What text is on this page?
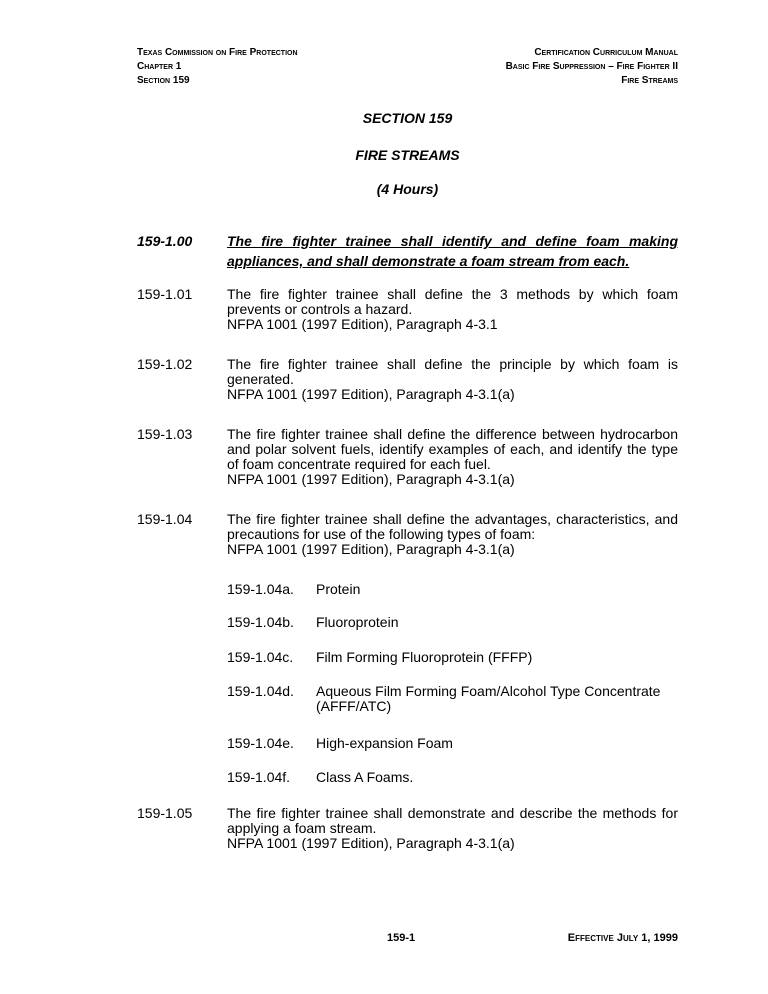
Texas Commission on Fire Protection
Chapter 1
Section 159
Certification Curriculum Manual
Basic Fire Suppression – Fire Fighter II
Fire Streams
SECTION 159
FIRE STREAMS
(4 Hours)
159-1.00 The fire fighter trainee shall identify and define foam making appliances, and shall demonstrate a foam stream from each.
159-1.01 The fire fighter trainee shall define the 3 methods by which foam prevents or controls a hazard.
NFPA 1001 (1997 Edition), Paragraph 4-3.1
159-1.02 The fire fighter trainee shall define the principle by which foam is generated.
NFPA 1001 (1997 Edition), Paragraph 4-3.1(a)
159-1.03 The fire fighter trainee shall define the difference between hydrocarbon and polar solvent fuels, identify examples of each, and identify the type of foam concentrate required for each fuel.
NFPA 1001 (1997 Edition), Paragraph 4-3.1(a)
159-1.04 The fire fighter trainee shall define the advantages, characteristics, and precautions for use of the following types of foam:
NFPA 1001 (1997 Edition), Paragraph 4-3.1(a)
159-1.04a. Protein
159-1.04b. Fluoroprotein
159-1.04c. Film Forming Fluoroprotein (FFFP)
159-1.04d. Aqueous Film Forming Foam/Alcohol Type Concentrate (AFFF/ATC)
159-1.04e. High-expansion Foam
159-1.04f. Class A Foams.
159-1.05 The fire fighter trainee shall demonstrate and describe the methods for applying a foam stream.
NFPA 1001 (1997 Edition), Paragraph 4-3.1(a)
159-1	Effective July 1, 1999
